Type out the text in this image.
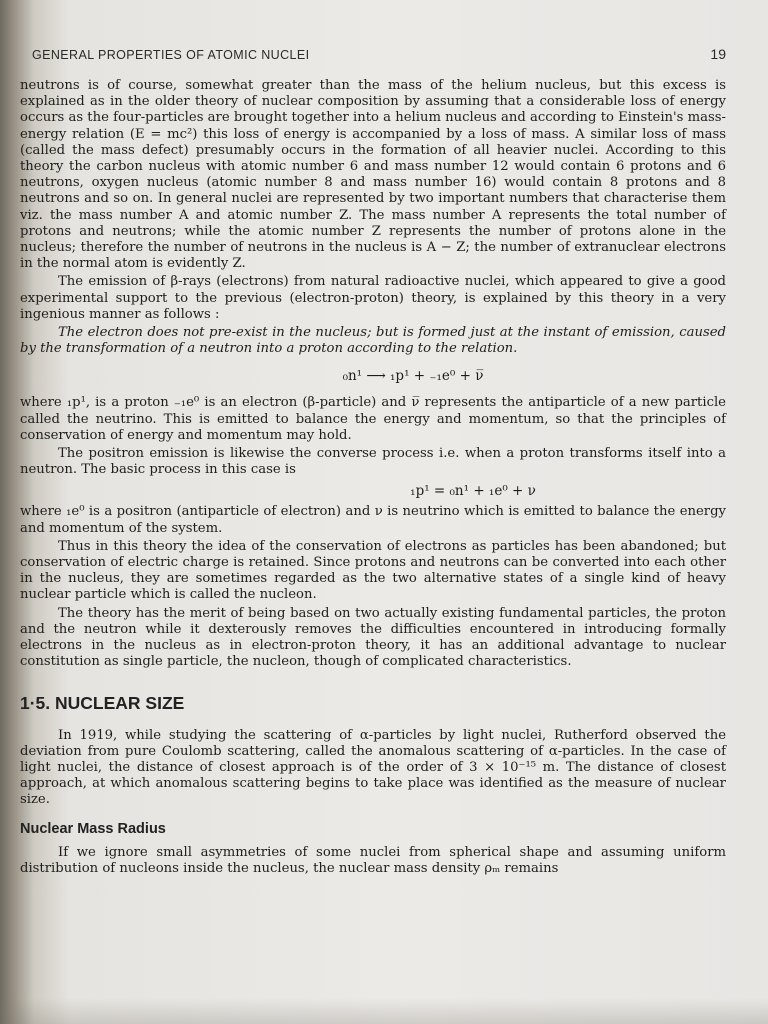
GENERAL PROPERTIES OF ATOMIC NUCLEI	19

neutrons is of course, somewhat greater than the mass of the helium nucleus, but this excess is explained as in the older theory of nuclear composition by assuming that a considerable loss of energy occurs as the four-particles are brought together into a helium nucleus and according to Einstein's mass-energy relation (E = mc²) this loss of energy is accompanied by a loss of mass. A similar loss of mass (called the mass defect) presumably occurs in the formation of all heavier nuclei. According to this theory the carbon nucleus with atomic number 6 and mass number 12 would contain 6 protons and 6 neutrons, oxygen nucleus (atomic number 8 and mass number 16) would contain 8 protons and 8 neutrons and so on. In general nuclei are represented by two important numbers that characterise them viz. the mass number A and atomic number Z. The mass number A represents the total number of protons and neutrons; while the atomic number Z represents the number of protons alone in the nucleus; therefore the number of neutrons in the nucleus is A − Z; the number of extranuclear electrons in the normal atom is evidently Z.

The emission of β-rays (electrons) from natural radioactive nuclei, which appeared to give a good experimental support to the previous (electron-proton) theory, is explained by this theory in a very ingenious manner as follows :

The electron does not pre-exist in the nucleus; but is formed just at the instant of emission, caused by the transformation of a neutron into a proton according to the relation.

₀n¹ ⟶ ₁p¹ + ₋₁e⁰ + ν̅

where ₁p¹, is a proton ₋₁e⁰ is an electron (β-particle) and ν̅ represents the antiparticle of a new particle called the neutrino. This is emitted to balance the energy and momentum, so that the principles of conservation of energy and momentum may hold.

The positron emission is likewise the converse process i.e. when a proton transforms itself into a neutron. The basic process in this case is

₁p¹ = ₀n¹ + ₁e⁰ + ν

where ₁e⁰ is a positron (antiparticle of electron) and ν is neutrino which is emitted to balance the energy and momentum of the system.

Thus in this theory the idea of the conservation of electrons as particles has been abandoned; but conservation of electric charge is retained. Since protons and neutrons can be converted into each other in the nucleus, they are sometimes regarded as the two alternative states of a single kind of heavy nuclear particle which is called the nucleon.

The theory has the merit of being based on two actually existing fundamental particles, the proton and the neutron while it dexterously removes the difficulties encountered in introducing formally electrons in the nucleus as in electron-proton theory, it has an additional advantage to nuclear constitution as single particle, the nucleon, though of complicated characteristics.

1·5. NUCLEAR SIZE

In 1919, while studying the scattering of α-particles by light nuclei, Rutherford observed the deviation from pure Coulomb scattering, called the anomalous scattering of α-particles. In the case of light nuclei, the distance of closest approach is of the order of 3 × 10⁻¹⁵ m. The distance of closest approach, at which anomalous scattering begins to take place was identified as the measure of nuclear size.

Nuclear Mass Radius

If we ignore small asymmetries of some nuclei from spherical shape and assuming uniform distribution of nucleons inside the nucleus, the nuclear mass density ρₘ remains
